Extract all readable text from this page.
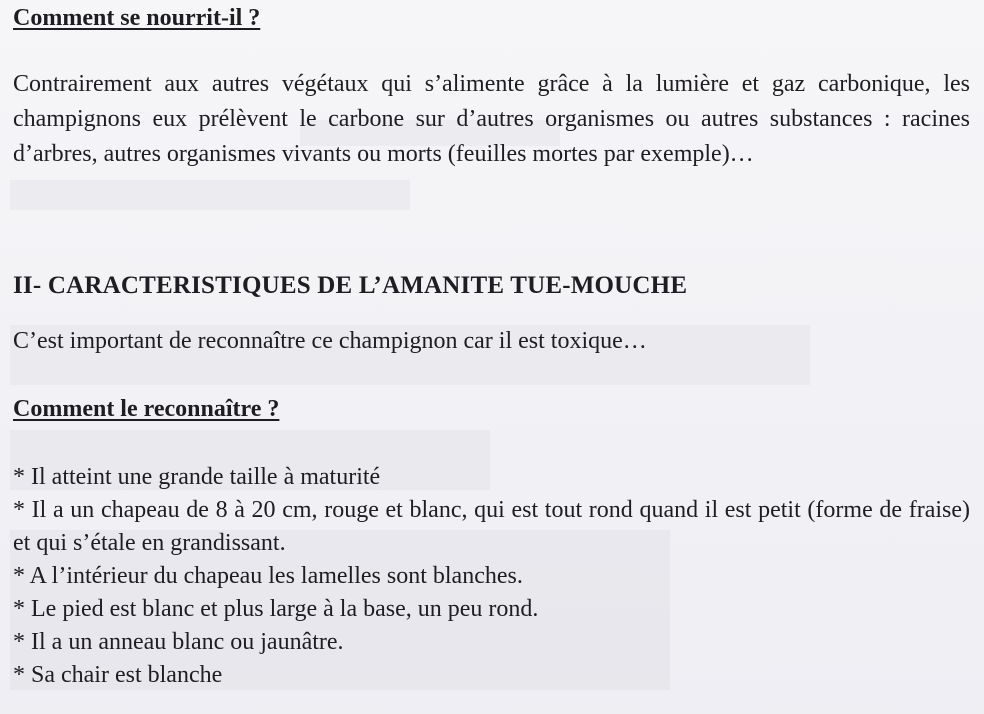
Comment se nourrit-il ?
Contrairement aux autres végétaux qui s’alimente grâce à la lumière et gaz carbonique, les champignons eux prélèvent le carbone sur d’autres organismes ou autres substances : racines d’arbres, autres organismes vivants ou morts (feuilles mortes par exemple)…
II- CARACTERISTIQUES DE L’AMANITE TUE-MOUCHE
C’est important de reconnaître ce champignon car il est toxique…
Comment le reconnaître ?
* Il atteint une grande taille à maturité
* Il a un chapeau de 8 à 20 cm, rouge et blanc, qui est tout rond quand il est petit (forme de fraise) et qui s’étale en grandissant.
* A l’intérieur du chapeau les lamelles sont blanches.
* Le pied est blanc et plus large à la base, un peu rond.
* Il a un anneau blanc ou jaunâtre.
* Sa chair est blanche
